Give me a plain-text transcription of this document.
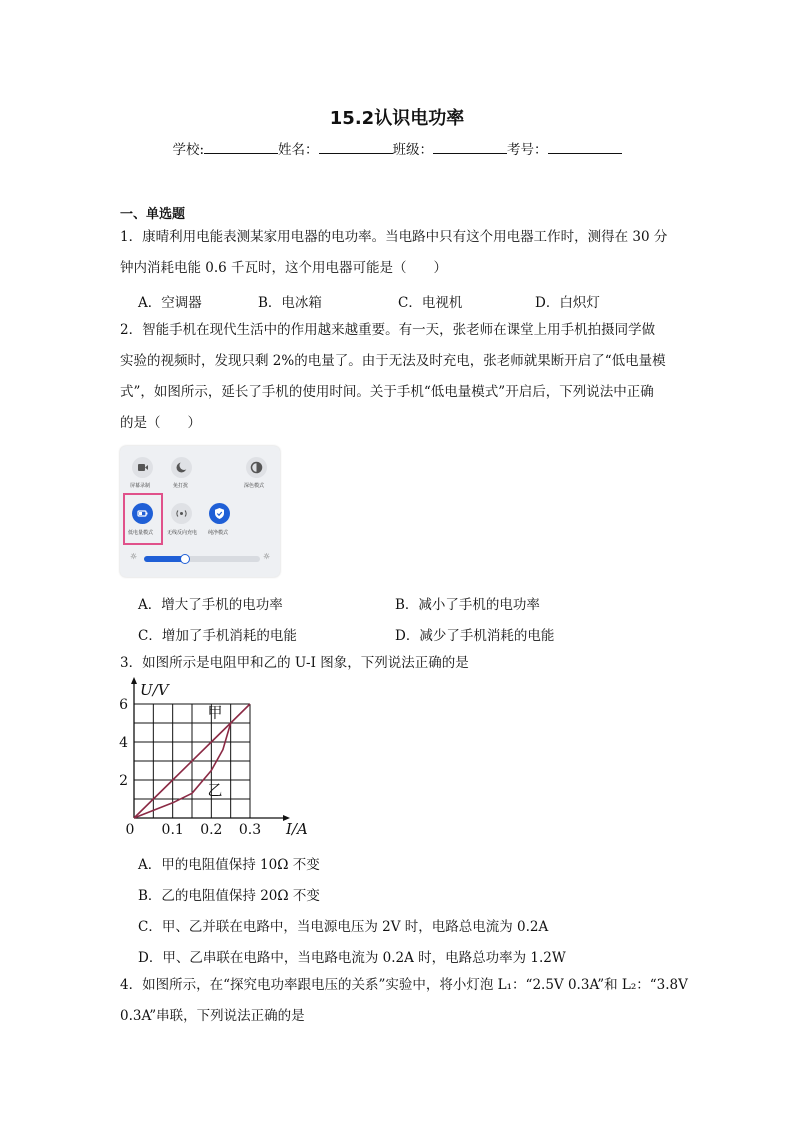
15.2认识电功率
学校:	姓名：	班级：	考号：
一、单选题
1．康晴利用电能表测某家用电器的电功率。当电路中只有这个用电器工作时，测得在 30 分
钟内消耗电能 0.6 千瓦时，这个用电器可能是（　　）
A．空调器	B．电冰箱	C．电视机	D．白炽灯
2．智能手机在现代生活中的作用越来越重要。有一天，张老师在课堂上用手机拍摄同学做
实验的视频时，发现只剩 2%的电量了。由于无法及时充电，张老师就果断开启了“低电量模
式”，如图所示，延长了手机的使用时间。关于手机“低电量模式”开启后，下列说法中正确
的是（　　）
屏幕录制	免打扰	深色模式
低电量模式	无线反向充电 纯净模式
☼	☼
A．增大了手机的电功率	B．减小了手机的电功率
C．增加了手机消耗的电能	D．减少了手机消耗的电能
3．如图所示是电阻甲和乙的 U-I 图象，下列说法正确的是
0 0.1 0.2 0.3
2
4
6
U/V
I/A
甲
乙
A．甲的电阻值保持 10Ω 不变
B．乙的电阻值保持 20Ω 不变
C．甲、乙并联在电路中，当电源电压为 2V 时，电路总电流为 0.2A
D．甲、乙串联在电路中，当电路电流为 0.2A 时，电路总功率为 1.2W
4．如图所示，在“探究电功率跟电压的关系”实验中，将小灯泡 L₁：“2.5V 0.3A”和 L₂：“3.8V
0.3A”串联，下列说法正确的是
